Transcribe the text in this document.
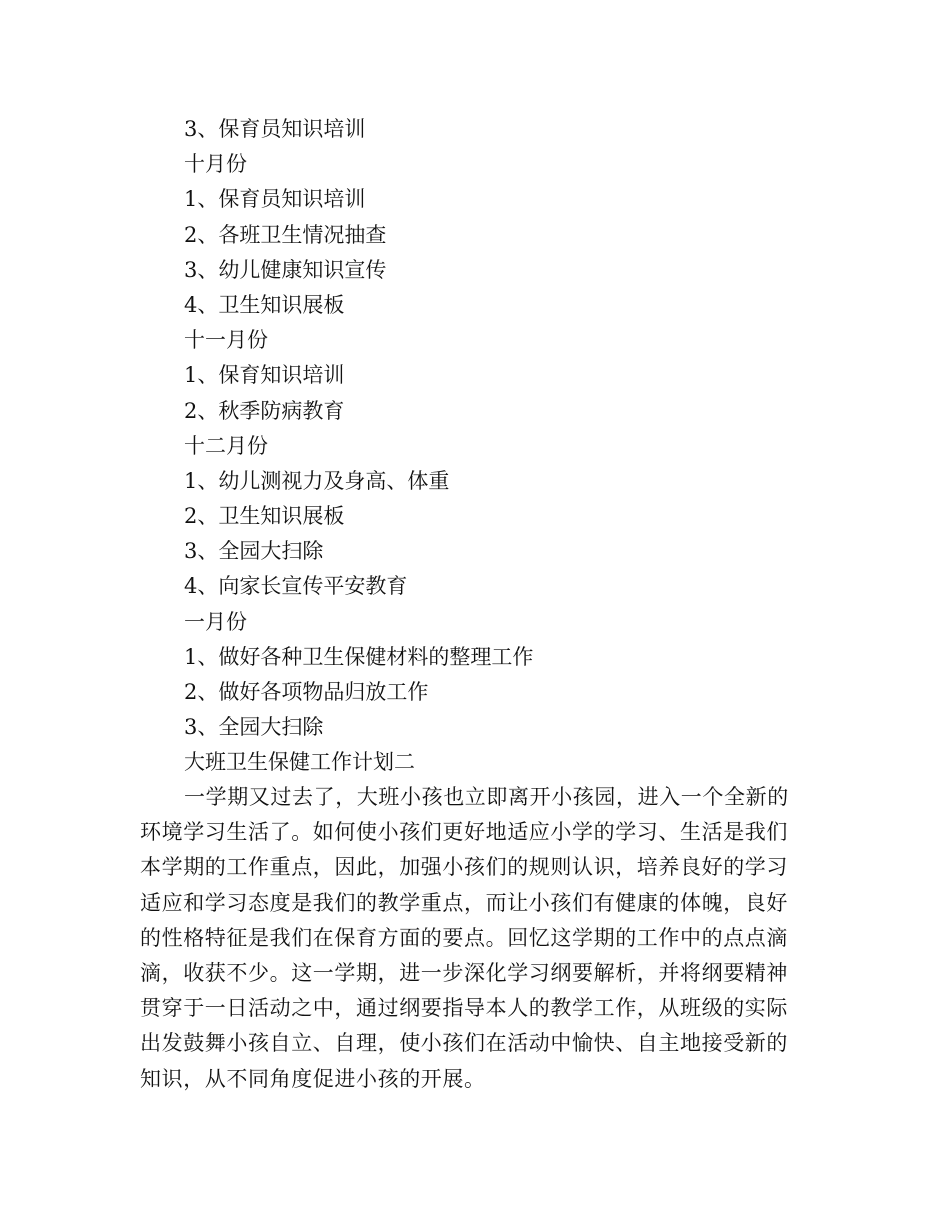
3、保育员知识培训
十月份
1、保育员知识培训
2、各班卫生情况抽查
3、幼儿健康知识宣传
4、卫生知识展板
十一月份
1、保育知识培训
2、秋季防病教育
十二月份
1、幼儿测视力及身高、体重
2、卫生知识展板
3、全园大扫除
4、向家长宣传平安教育
一月份
1、做好各种卫生保健材料的整理工作
2、做好各项物品归放工作
3、全园大扫除
大班卫生保健工作计划二
一学期又过去了，大班小孩也立即离开小孩园，进入一个全新的
环境学习生活了。如何使小孩们更好地适应小学的学习、生活是我们
本学期的工作重点，因此，加强小孩们的规则认识，培养良好的学习
适应和学习态度是我们的教学重点，而让小孩们有健康的体魄，良好
的性格特征是我们在保育方面的要点。回忆这学期的工作中的点点滴
滴，收获不少。这一学期，进一步深化学习纲要解析，并将纲要精神
贯穿于一日活动之中，通过纲要指导本人的教学工作，从班级的实际
出发鼓舞小孩自立、自理，使小孩们在活动中愉快、自主地接受新的
知识，从不同角度促进小孩的开展。
